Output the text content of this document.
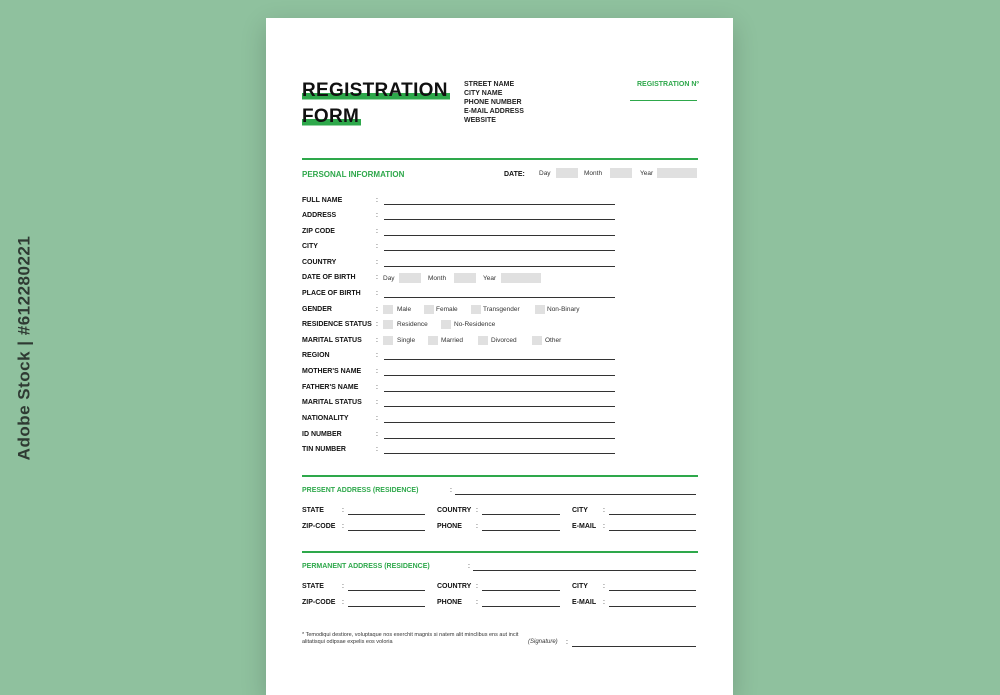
Adobe Stock | #612280221
REGISTRATION
FORM
STREET NAME
CITY NAME
PHONE NUMBER
E-MAIL ADDRESS
WEBSITE
REGISTRATION Nº
PERSONAL INFORMATION	DATE: Day	Month	Year
FULL NAME	:
ADDRESS	:
ZIP CODE	:
CITY	:
COUNTRY	:
DATE OF BIRTH	: Day	Month	Year
PLACE OF BIRTH :
GENDER	:	Male	Female	Transgender	Non-Binary
RESIDENCE STATUS :	Residence	No-Residence
MARITAL STATUS :	Single	Married	Divorced	Other
REGION	:
MOTHER'S NAME :
FATHER'S NAME	:
MARITAL STATUS :
NATIONALITY	:
ID NUMBER	:
TIN NUMBER	:
PRESENT ADDRESS (RESIDENCE)	:
STATE	:	COUNTRY :	CITY :
ZIP-CODE :	PHONE :	E-MAIL :
PERMANENT ADDRESS (RESIDENCE)	:
STATE	:	COUNTRY :	CITY :
ZIP-CODE :	PHONE :	E-MAIL :
* Temodiqui destiore, voluptaque nos exerchit magnis si natem alit minclibus ens aut incit alitatisqui odipsae expelis eos voloria	(Signature) :
